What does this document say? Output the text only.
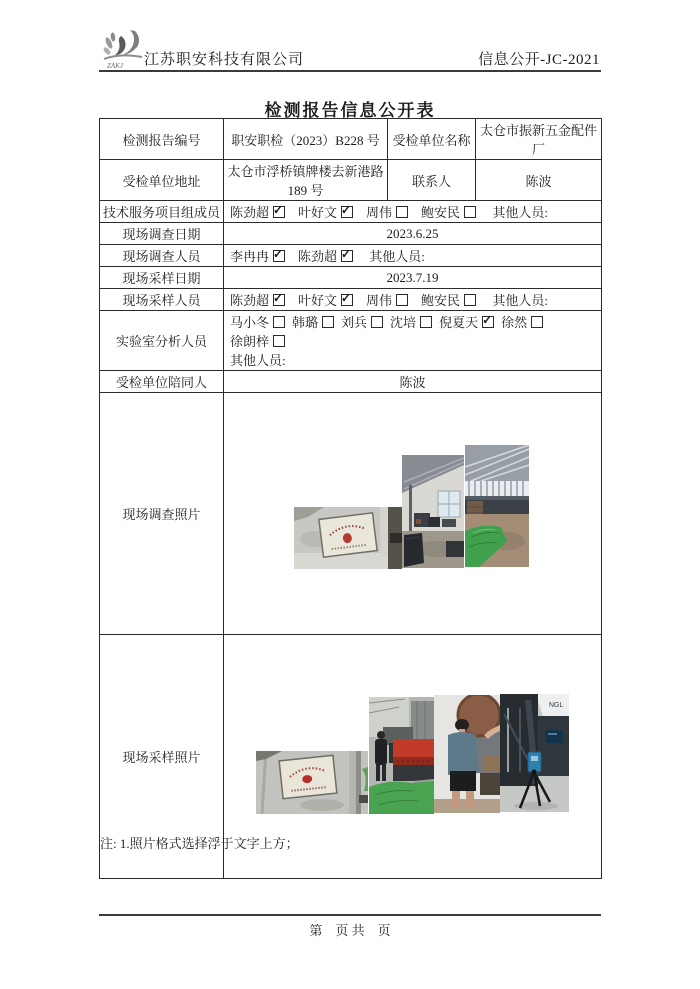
ZAKJ 江苏职安科技有限公司	信息公开-JC-2021
检测报告信息公开表
检测报告编号	职安职检（2023）B228 号	受检单位名称	太仓市振新五金配件厂
受检单位地址	太仓市浮桥镇牌楼去新港路189 号	联系人	陈波
技术服务项目组成员	陈劲超 ✓ 叶好文 ✓ 周伟 鲍安民 其他人员:
现场调查日期	2023.6.25		
现场调查人员	李冉冉 ✓ 陈劲超 ✓ 其他人员:
现场采样日期	2023.7.19		
现场采样人员	陈劲超 ✓ 叶好文 ✓ 周伟 鲍安民 其他人员:
实验室分析人员	马小冬 韩璐 刘兵 沈培 倪夏天✓ 徐然徐朗梓
其他人员:

受检单位陪同人	陈波		
现场调查照片	

现场采样照片	NGL		
注: 1.照片格式选择浮于文字上方；
第　页 共　页
